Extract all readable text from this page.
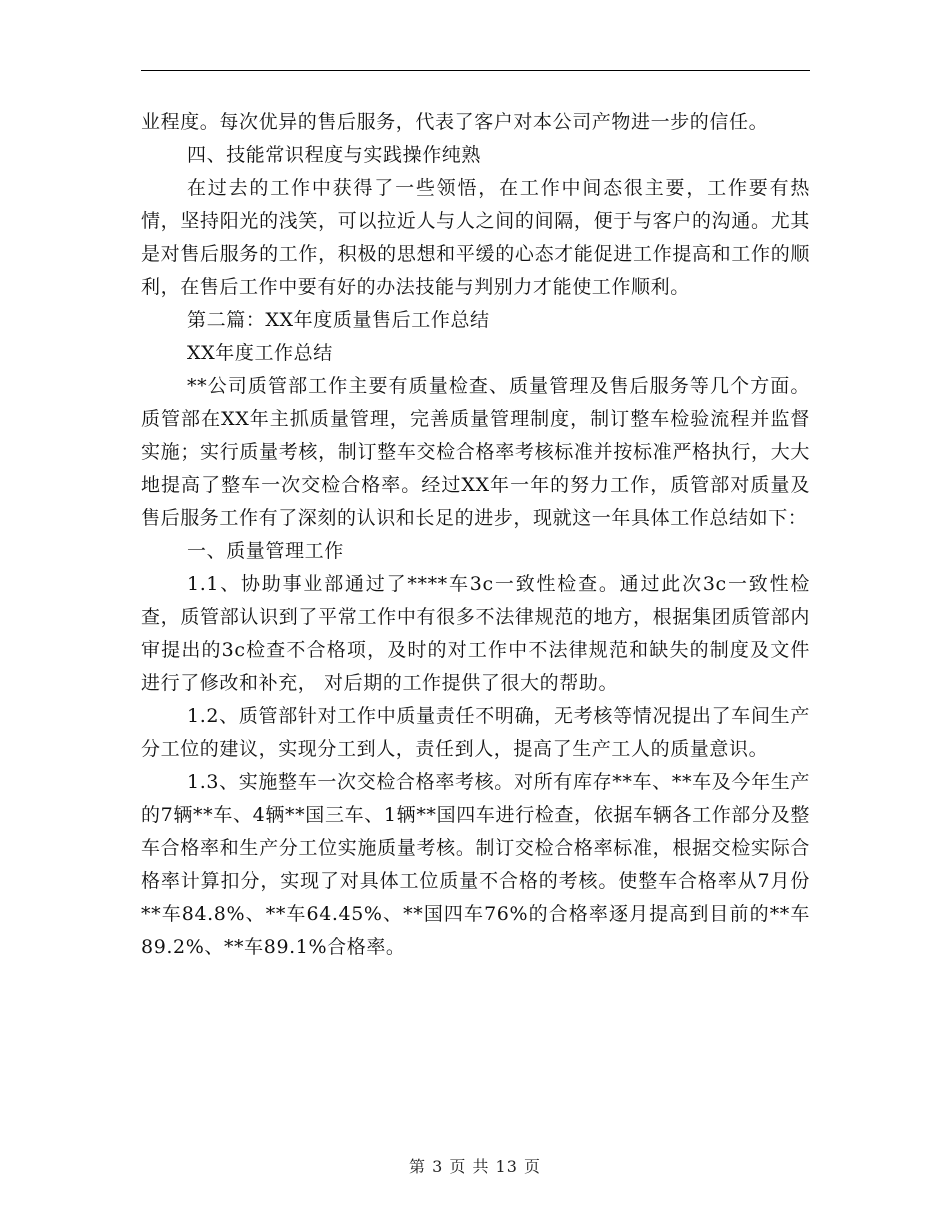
业程度。每次优异的售后服务，代表了客户对本公司产物进一步的信任。

四、技能常识程度与实践操作纯熟

在过去的工作中获得了一些领悟，在工作中间态很主要，工作要有热情，坚持阳光的浅笑，可以拉近人与人之间的间隔，便于与客户的沟通。尤其是对售后服务的工作，积极的思想和平缓的心态才能促进工作提高和工作的顺利，在售后工作中要有好的办法技能与判别力才能使工作顺利。

第二篇：XX年度质量售后工作总结

XX年度工作总结

**公司质管部工作主要有质量检查、质量管理及售后服务等几个方面。质管部在XX年主抓质量管理，完善质量管理制度，制订整车检验流程并监督实施；实行质量考核，制订整车交检合格率考核标准并按标准严格执行，大大地提高了整车一次交检合格率。经过XX年一年的努力工作，质管部对质量及售后服务工作有了深刻的认识和长足的进步，现就这一年具体工作总结如下：

一、质量管理工作

1.1、协助事业部通过了****车3c一致性检查。通过此次3c一致性检查，质管部认识到了平常工作中有很多不法律规范的地方，根据集团质管部内审提出的3c检查不合格项，及时的对工作中不法律规范和缺失的制度及文件进行了修改和补充， 对后期的工作提供了很大的帮助。

1.2、质管部针对工作中质量责任不明确，无考核等情况提出了车间生产分工位的建议，实现分工到人，责任到人，提高了生产工人的质量意识。

1.3、实施整车一次交检合格率考核。对所有库存**车、**车及今年生产的7辆**车、4辆**国三车、1辆**国四车进行检查，依据车辆各工作部分及整车合格率和生产分工位实施质量考核。制订交检合格率标准，根据交检实际合格率计算扣分，实现了对具体工位质量不合格的考核。使整车合格率从7月份**车84.8%、**车64.45%、**国四车76%的合格率逐月提高到目前的**车89.2%、**车89.1%合格率。

第 3 页 共 13 页
